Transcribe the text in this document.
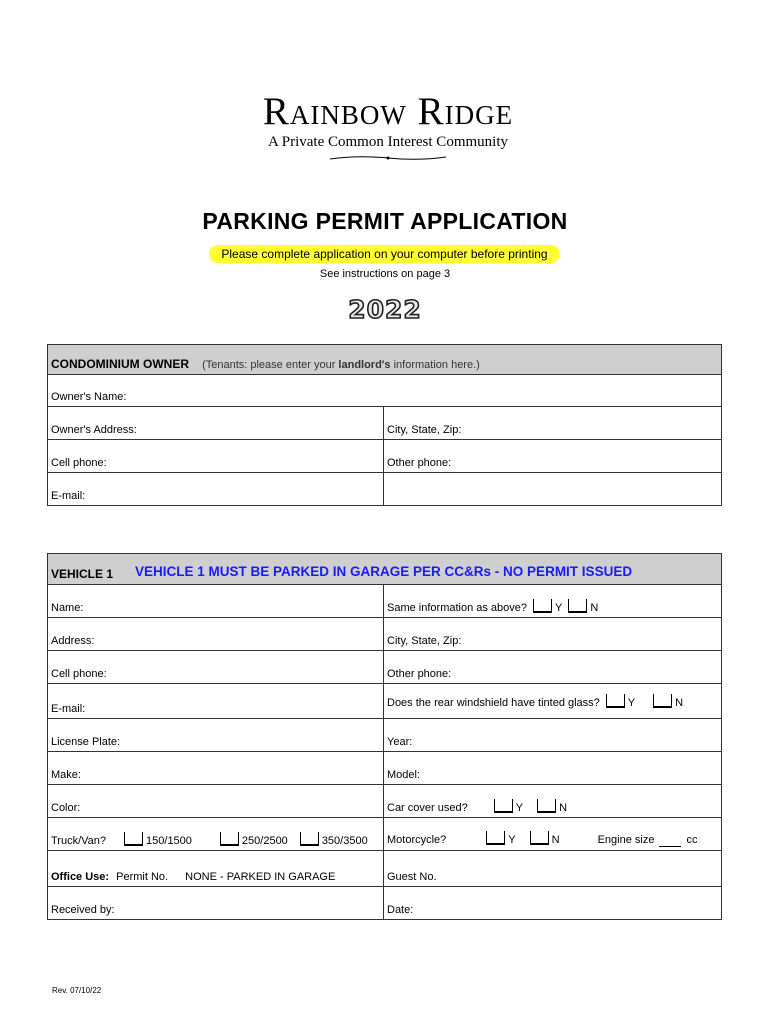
Rainbow Ridge
A Private Common Interest Community
PARKING PERMIT APPLICATION
Please complete application on your computer before printing
See instructions on page 3
2022
CONDOMINIUM OWNER (Tenants: please enter your landlord's information here.)	
Owner's Name:	
Owner's Address:	City, State, Zip:
Cell phone:	Other phone:
E-mail:	
VEHICLE 1 VEHICLE 1 MUST BE PARKED IN GARAGE PER CC&Rs - NO PERMIT ISSUED	
Name:	Same information as above? Y N
Address:	City, State, Zip:
Cell phone:	Other phone:
E-mail:	Does the rear windshield have tinted glass? Y N
License Plate:	Year:
Make:	Model:
Color:	Car cover used? Y N
Truck/Van? 150/1500 250/2500 350/3500	Motorcycle? Y N Engine size cc
Office Use: Permit No. NONE - PARKED IN GARAGE	Guest No.
Received by:	Date:
Rev. 07/10/22
